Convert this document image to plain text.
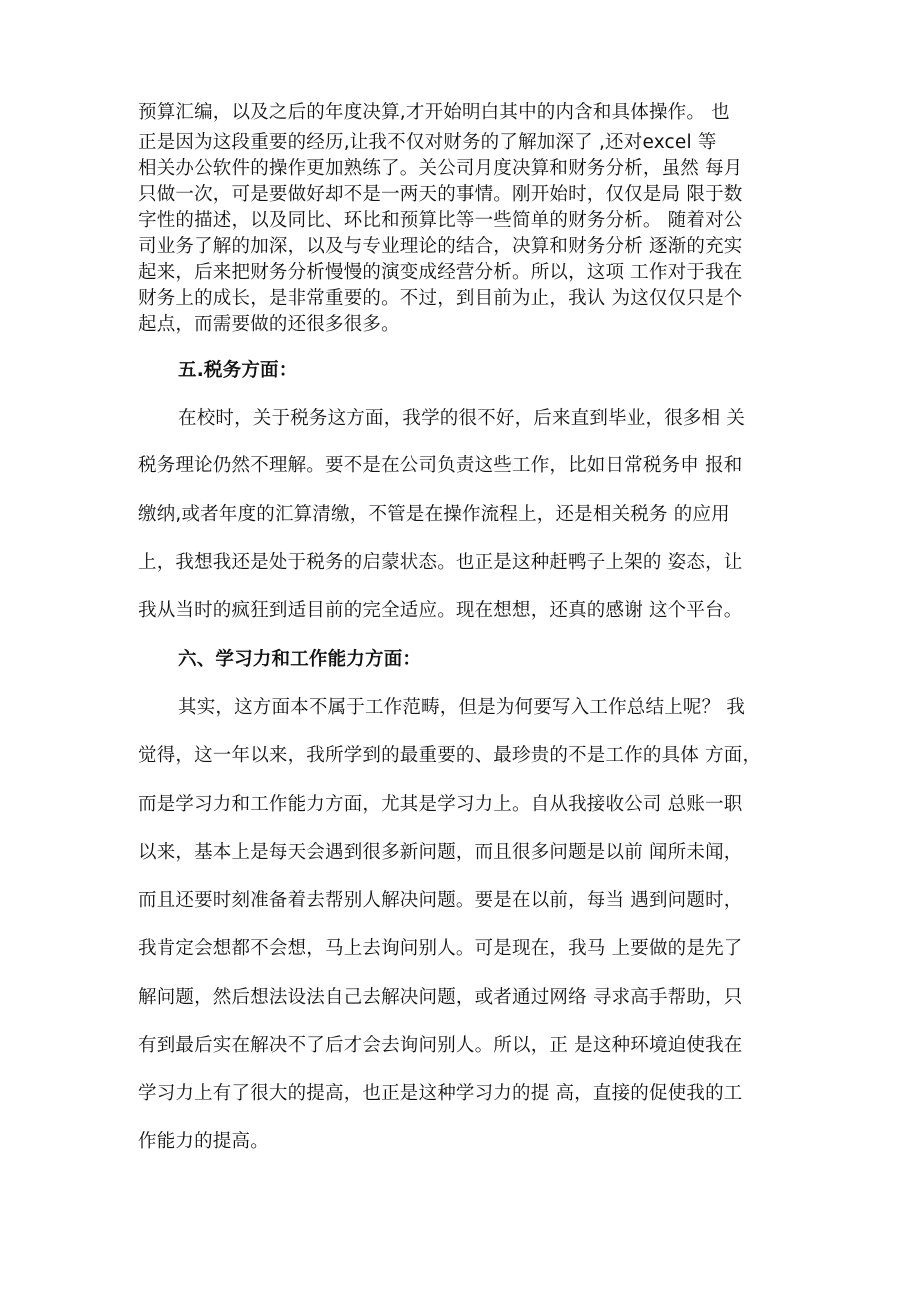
预算汇编，以及之后的年度决算,才开始明白其中的内含和具体操作。 也

正是因为这段重要的经历,让我不仅对财务的了解加深了 ,还对excel 等

相关办公软件的操作更加熟练了。关公司月度决算和财务分析，虽然 每月

只做一次，可是要做好却不是一两天的事情。刚开始时，仅仅是局 限于数

字性的描述，以及同比、环比和预算比等一些简单的财务分析。 随着对公

司业务了解的加深，以及与专业理论的结合，决算和财务分析 逐渐的充实

起来，后来把财务分析慢慢的演变成经营分析。所以，这项 工作对于我在

财务上的成长，是非常重要的。不过，到目前为止，我认 为这仅仅只是个

起点，而需要做的还很多很多。

五.税务方面：

在校时，关于税务这方面，我学的很不好，后来直到毕业，很多相 关

税务理论仍然不理解。要不是在公司负责这些工作，比如日常税务申 报和

缴纳,或者年度的汇算清缴，不管是在操作流程上，还是相关税务 的应用

上，我想我还是处于税务的启蒙状态。也正是这种赶鸭子上架的 姿态，让

我从当时的疯狂到适目前的完全适应。现在想想，还真的感谢 这个平台。

六、学习力和工作能力方面：

其实，这方面本不属于工作范畴，但是为何要写入工作总结上呢？ 我

觉得，这一年以来，我所学到的最重要的、最珍贵的不是工作的具体 方面，

而是学习力和工作能力方面，尤其是学习力上。自从我接收公司 总账一职

以来，基本上是每天会遇到很多新问题，而且很多问题是以前 闻所未闻，

而且还要时刻准备着去帮别人解决问题。要是在以前，每当 遇到问题时，

我肯定会想都不会想，马上去询问别人。可是现在，我马 上要做的是先了

解问题，然后想法设法自己去解决问题，或者通过网络 寻求高手帮助，只

有到最后实在解决不了后才会去询问别人。所以，正 是这种环境迫使我在

学习力上有了很大的提高，也正是这种学习力的提 高，直接的促使我的工

作能力的提高。
